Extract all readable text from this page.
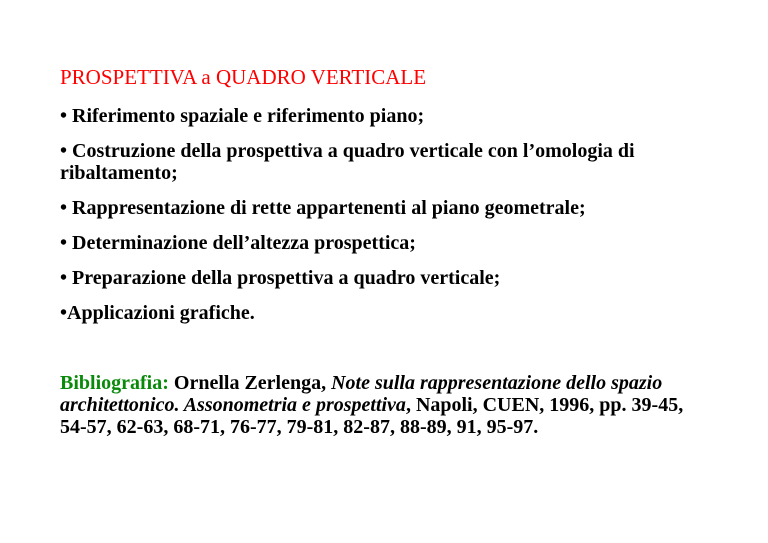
PROSPETTIVA a QUADRO VERTICALE
• Riferimento spaziale e riferimento piano;
• Costruzione della prospettiva a quadro verticale con l’omologia di ribaltamento;
• Rappresentazione di rette appartenenti al piano geometrale;
• Determinazione dell’altezza prospettica;
• Preparazione della prospettiva a quadro verticale;
•Applicazioni grafiche.

Bibliografia: Ornella Zerlenga, Note sulla rappresentazione dello spazio architettonico. Assonometria e prospettiva, Napoli, CUEN, 1996, pp. 39-45, 54-57, 62-63, 68-71, 76-77, 79-81, 82-87, 88-89, 91, 95-97.
